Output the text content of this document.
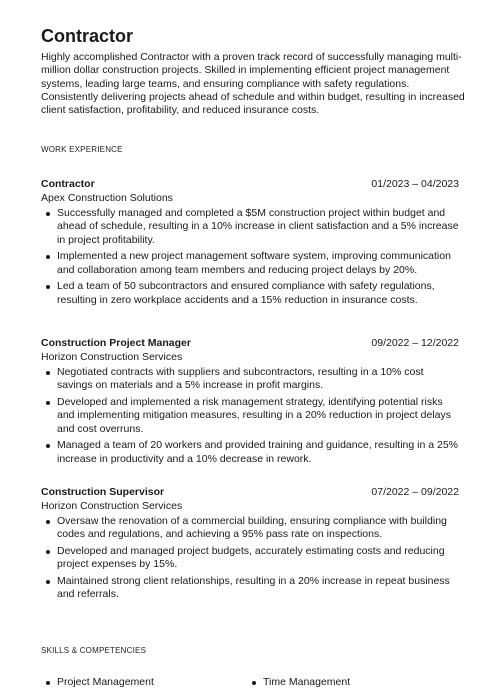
Contractor

Highly accomplished Contractor with a proven track record of successfully managing multi-million dollar construction projects. Skilled in implementing efficient project management systems, leading large teams, and ensuring compliance with safety regulations. Consistently delivering projects ahead of schedule and within budget, resulting in increased client satisfaction, profitability, and reduced insurance costs.

WORK EXPERIENCE

Contractor	01/2023 – 04/2023
Apex Construction Solutions
Successfully managed and completed a $5M construction project within budget and ahead of schedule, resulting in a 10% increase in client satisfaction and a 5% increase in project profitability.
Implemented a new project management software system, improving communication and collaboration among team members and reducing project delays by 20%.
Led a team of 50 subcontractors and ensured compliance with safety regulations, resulting in zero workplace accidents and a 15% reduction in insurance costs.
Construction Project Manager	09/2022 – 12/2022
Horizon Construction Services
Negotiated contracts with suppliers and subcontractors, resulting in a 10% cost savings on materials and a 5% increase in profit margins.
Developed and implemented a risk management strategy, identifying potential risks and implementing mitigation measures, resulting in a 20% reduction in project delays and cost overruns.
Managed a team of 20 workers and provided training and guidance, resulting in a 25% increase in productivity and a 10% decrease in rework.
Construction Supervisor	07/2022 – 09/2022
Horizon Construction Services
Oversaw the renovation of a commercial building, ensuring compliance with building codes and regulations, and achieving a 95% pass rate on inspections.
Developed and managed project budgets, accurately estimating costs and reducing project expenses by 15%.
Maintained strong client relationships, resulting in a 20% increase in repeat business and referrals.

SKILLS & COMPETENCIES

Project Management	Time Management
